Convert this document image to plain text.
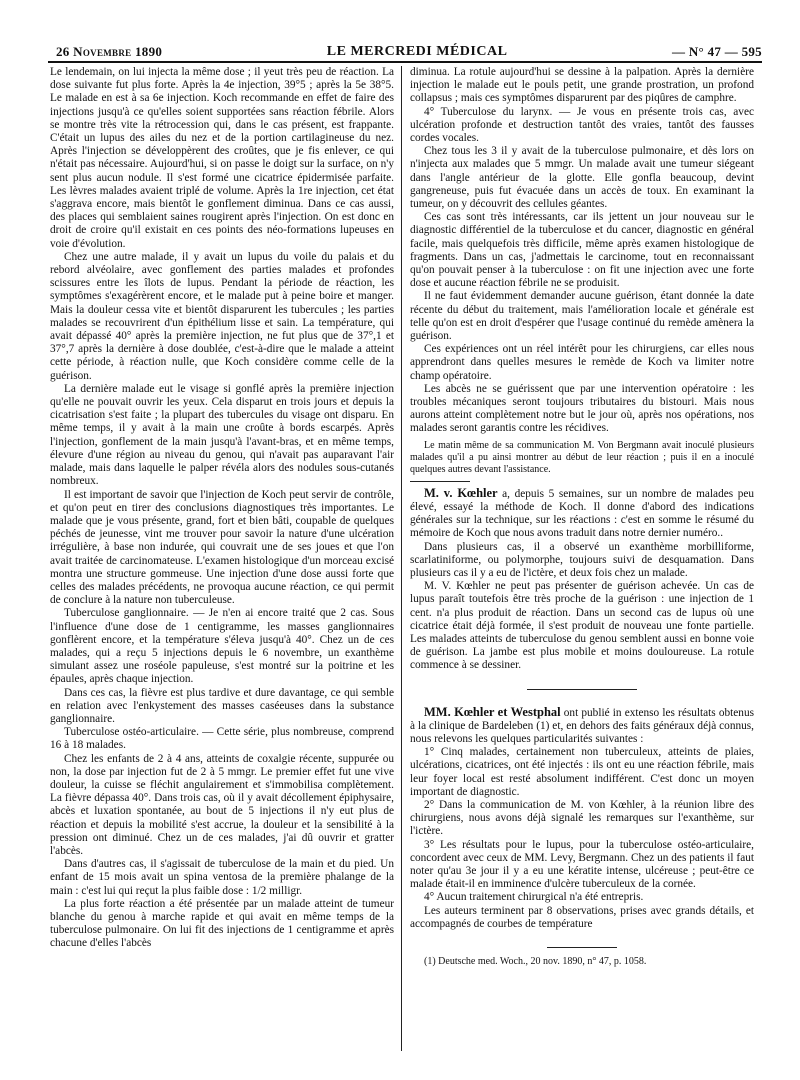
26 Novembre 1890	LE MERCREDI MÉDICAL	— N° 47 — 595

Le lendemain, on lui injecta la même dose ; il yeut très peu de réaction. La dose suivante fut plus forte. Après la 4e injection, 39°5 ; après la 5e 38°5. Le malade en est à sa 6e injection. Koch recommande en effet de faire des injections jusqu'à ce qu'elles soient supportées sans réaction fébrile. Alors se montre très vite la rétrocession qui, dans le cas présent, est frappante. C'était un lupus des ailes du nez et de la portion cartilagineuse du nez. Après l'injection se développèrent des croûtes, que je fis enlever, ce qui n'était pas nécessaire. Aujourd'hui, si on passe le doigt sur la surface, on n'y sent plus aucun nodule. Il s'est formé une cicatrice épidermisée parfaite. Les lèvres malades avaient triplé de volume. Après la 1re injection, cet état s'aggrava encore, mais bientôt le gonflement diminua. Dans ce cas aussi, des places qui semblaient saines rougirent après l'injection. On est donc en droit de croire qu'il existait en ces points des néo-formations lupeuses en voie d'évolution.

Chez une autre malade, il y avait un lupus du voile du palais et du rebord alvéolaire, avec gonflement des parties malades et profondes scissures entre les îlots de lupus. Pendant la période de réaction, les symptômes s'exagérèrent encore, et le malade put à peine boire et manger. Mais la douleur cessa vite et bientôt disparurent les tubercules ; les parties malades se recouvrirent d'un épithélium lisse et sain. La température, qui avait dépassé 40° après la première injection, ne fut plus que de 37°,1 et 37°,7 après la dernière à dose doublée, c'est-à-dire que le malade a atteint cette période, à réaction nulle, que Koch considère comme celle de la guérison.

La dernière malade eut le visage si gonflé après la première injection qu'elle ne pouvait ouvrir les yeux. Cela disparut en trois jours et depuis la cicatrisation s'est faite ; la plupart des tubercules du visage ont disparu. En même temps, il y avait à la main une croûte à bords escarpés. Après l'injection, gonflement de la main jusqu'à l'avant-bras, et en même temps, élevure d'une région au niveau du genou, qui n'avait pas auparavant l'air malade, mais dans laquelle le palper révéla alors des nodules sous-cutanés nombreux.

Il est important de savoir que l'injection de Koch peut servir de contrôle, et qu'on peut en tirer des conclusions diagnostiques très importantes. Le malade que je vous présente, grand, fort et bien bâti, coupable de quelques péchés de jeunesse, vint me trouver pour savoir la nature d'une ulcération irrégulière, à base non indurée, qui couvrait une de ses joues et que l'on avait traitée de carcinomateuse. L'examen histologique d'un morceau excisé montra une structure gommeuse. Une injection d'une dose aussi forte que celles des malades précédents, ne provoqua aucune réaction, ce qui permit de conclure à la nature non tuberculeuse.

Tuberculose ganglionnaire. — Je n'en ai encore traité que 2 cas. Sous l'influence d'une dose de 1 centigramme, les masses ganglionnaires gonflèrent encore, et la température s'éleva jusqu'à 40°. Chez un de ces malades, qui a reçu 5 injections depuis le 6 novembre, un exanthème simulant assez une roséole papuleuse, s'est montré sur la poitrine et les épaules, après chaque injection.

Dans ces cas, la fièvre est plus tardive et dure davantage, ce qui semble en relation avec l'enkystement des masses caséeuses dans la substance ganglionnaire.

Tuberculose ostéo-articulaire. — Cette série, plus nombreuse, comprend 16 à 18 malades.

Chez les enfants de 2 à 4 ans, atteints de coxalgie récente, suppurée ou non, la dose par injection fut de 2 à 5 mmgr. Le premier effet fut une vive douleur, la cuisse se fléchit angulairement et s'immobilisa complètement. La fièvre dépassa 40°. Dans trois cas, où il y avait décollement épiphysaire, abcès et luxation spontanée, au bout de 5 injections il n'y eut plus de réaction et depuis la mobilité s'est accrue, la douleur et la sensibilité à la pression ont diminué. Chez un de ces malades, j'ai dû ouvrir et gratter l'abcès.

Dans d'autres cas, il s'agissait de tuberculose de la main et du pied. Un enfant de 15 mois avait un spina ventosa de la première phalange de la main : c'est lui qui reçut la plus faible dose : 1/2 milligr.

La plus forte réaction a été présentée par un malade atteint de tumeur blanche du genou à marche rapide et qui avait en même temps de la tuberculose pulmonaire. On lui fit des injections de 1 centigramme et après chacune d'elles l'abcès

diminua. La rotule aujourd'hui se dessine à la palpation. Après la dernière injection le malade eut le pouls petit, une grande prostration, un profond collapsus ; mais ces symptômes disparurent par des piqûres de camphre.

4° Tuberculose du larynx. — Je vous en présente trois cas, avec ulcération profonde et destruction tantôt des vraies, tantôt des fausses cordes vocales.

Chez tous les 3 il y avait de la tuberculose pulmonaire, et dès lors on n'injecta aux malades que 5 mmgr. Un malade avait une tumeur siégeant dans l'angle antérieur de la glotte. Elle gonfla beaucoup, devint gangreneuse, puis fut évacuée dans un accès de toux. En examinant la tumeur, on y découvrit des cellules géantes.

Ces cas sont très intéressants, car ils jettent un jour nouveau sur le diagnostic différentiel de la tuberculose et du cancer, diagnostic en général facile, mais quelquefois très difficile, même après examen histologique de fragments. Dans un cas, j'admettais le carcinome, tout en reconnaissant qu'on pouvait penser à la tuberculose : on fit une injection avec une forte dose et aucune réaction fébrile ne se produisit.

Il ne faut évidemment demander aucune guérison, étant donnée la date récente du début du traitement, mais l'amélioration locale et générale est telle qu'on est en droit d'espérer que l'usage continué du remède amènera la guérison.

Ces expériences ont un réel intérêt pour les chirurgiens, car elles nous apprendront dans quelles mesures le remède de Koch va limiter notre champ opératoire.

Les abcès ne se guérissent que par une intervention opératoire : les troubles mécaniques seront toujours tributaires du bistouri. Mais nous aurons atteint complètement notre but le jour où, après nos opérations, nos malades seront garantis contre les récidives.

Le matin même de sa communication M. Von Bergmann avait inoculé plusieurs malades qu'il a pu ainsi montrer au début de leur réaction ; puis il en a inoculé quelques autres devant l'assistance.

M. v. Kœhler a, depuis 5 semaines, sur un nombre de malades peu élevé, essayé la méthode de Koch. Il donne d'abord des indications générales sur la technique, sur les réactions : c'est en somme le résumé du mémoire de Koch que nous avons traduit dans notre dernier numéro..

Dans plusieurs cas, il a observé un exanthème morbilliforme, scarlatiniforme, ou polymorphe, toujours suivi de desquamation. Dans plusieurs cas il y a eu de l'ictère, et deux fois chez un malade.

M. V. Kœhler ne peut pas présenter de guérison achevée. Un cas de lupus paraît toutefois être très proche de la guérison : une injection de 1 cent. n'a plus produit de réaction. Dans un second cas de lupus où une cicatrice était déjà formée, il s'est produit de nouveau une fonte partielle. Les malades atteints de tuberculose du genou semblent aussi en bonne voie de guérison. La jambe est plus mobile et moins douloureuse. La rotule commence à se dessiner.

MM. Kœhler et Westphal ont publié in extenso les résultats obtenus à la clinique de Bardeleben (1) et, en dehors des faits généraux déjà connus, nous relevons les quelques particularités suivantes :

1° Cinq malades, certainement non tuberculeux, atteints de plaies, ulcérations, cicatrices, ont été injectés : ils ont eu une réaction fébrile, mais leur foyer local est resté absolument indifférent. C'est donc un moyen important de diagnostic.

2° Dans la communication de M. von Kœhler, à la réunion libre des chirurgiens, nous avons déjà signalé les remarques sur l'exanthème, sur l'ictère.

3° Les résultats pour le lupus, pour la tuberculose ostéo-articulaire, concordent avec ceux de MM. Levy, Bergmann. Chez un des patients il faut noter qu'au 3e jour il y a eu une kératite intense, ulcéreuse ; peut-être ce malade était-il en imminence d'ulcère tuberculeux de la cornée.

4° Aucun traitement chirurgical n'a été entrepris.

Les auteurs terminent par 8 observations, prises avec grands détails, et accompagnés de courbes de température

(1) Deutsche med. Woch., 20 nov. 1890, n° 47, p. 1058.
